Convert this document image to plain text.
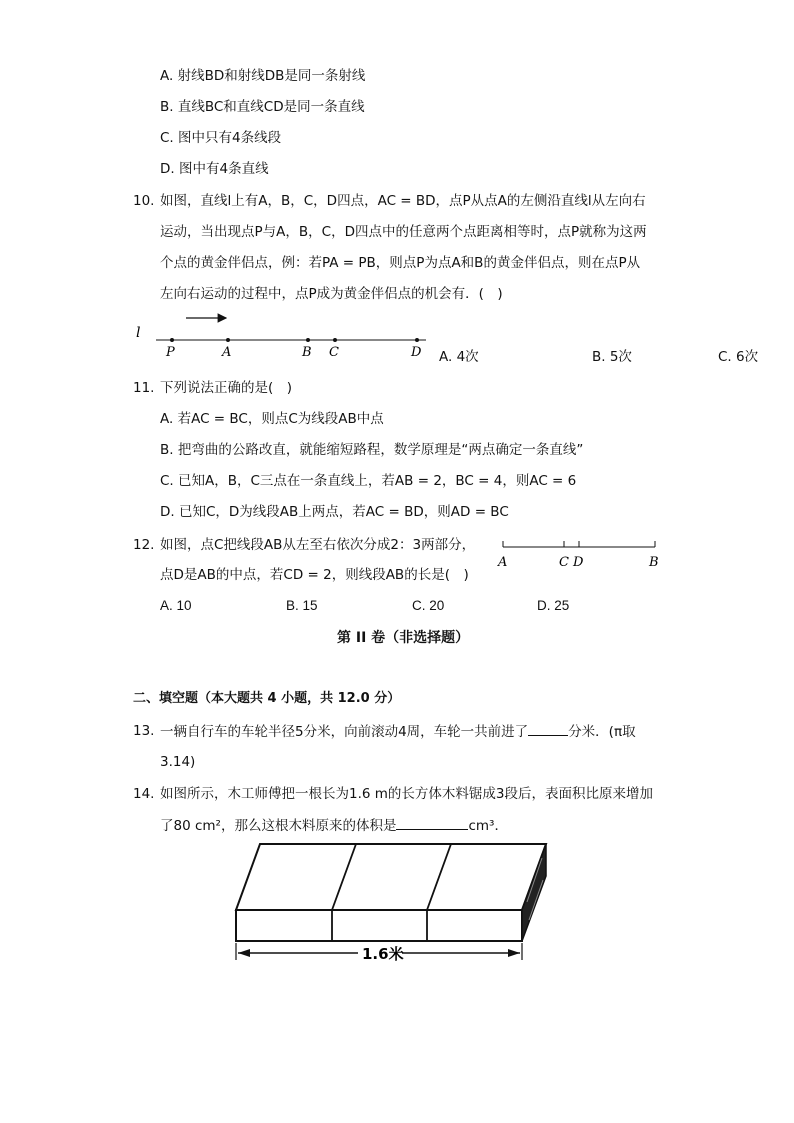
A. 射线BD和射线DB是同一条射线
B. 直线BC和直线CD是同一条直线
C. 图中只有4条线段
D. 图中有4条直线
10. 如图，直线l上有A，B，C，D四点，AC = BD，点P从点A的左侧沿直线l从左向右
运动，当出现点P与A，B，C，D四点中的任意两个点距离相等时，点P就称为这两
个点的黄金伴侣点，例：若PA = PB，则点P为点A和B的黄金伴侣点，则在点P从
左向右运动的过程中，点P成为黄金伴侣点的机会有．(　)
l
P	A	B C	D A. 4次	B. 5次	C. 6次
11. 下列说法正确的是(　)
A. 若AC = BC，则点C为线段AB中点
B. 把弯曲的公路改直，就能缩短路程，数学原理是“两点确定一条直线”
C. 已知A，B，C三点在一条直线上，若AB = 2，BC = 4，则AC = 6
D. 已知C，D为线段AB上两点，若AC = BD，则AD = BC
12. 如图，点C把线段AB从左至右依次分成2：3两部分，
点D是AB的中点，若CD = 2，则线段AB的长是(　)
A	C D	B
A. 10	B. 15	C. 20	D. 25
第 II 卷（非选择题）
二、填空题（本大题共 4 小题，共 12.0 分）
13. 一辆自行车的车轮半径5分米，向前滚动4周，车轮一共前进了	分米．(π取
3.14)
14. 如图所示，木工师傅把一根长为1.6 m的长方体木料锯成3段后，表面积比原来增加
了80 cm²，那么这根木料原来的体积是	cm³．
1.6米
